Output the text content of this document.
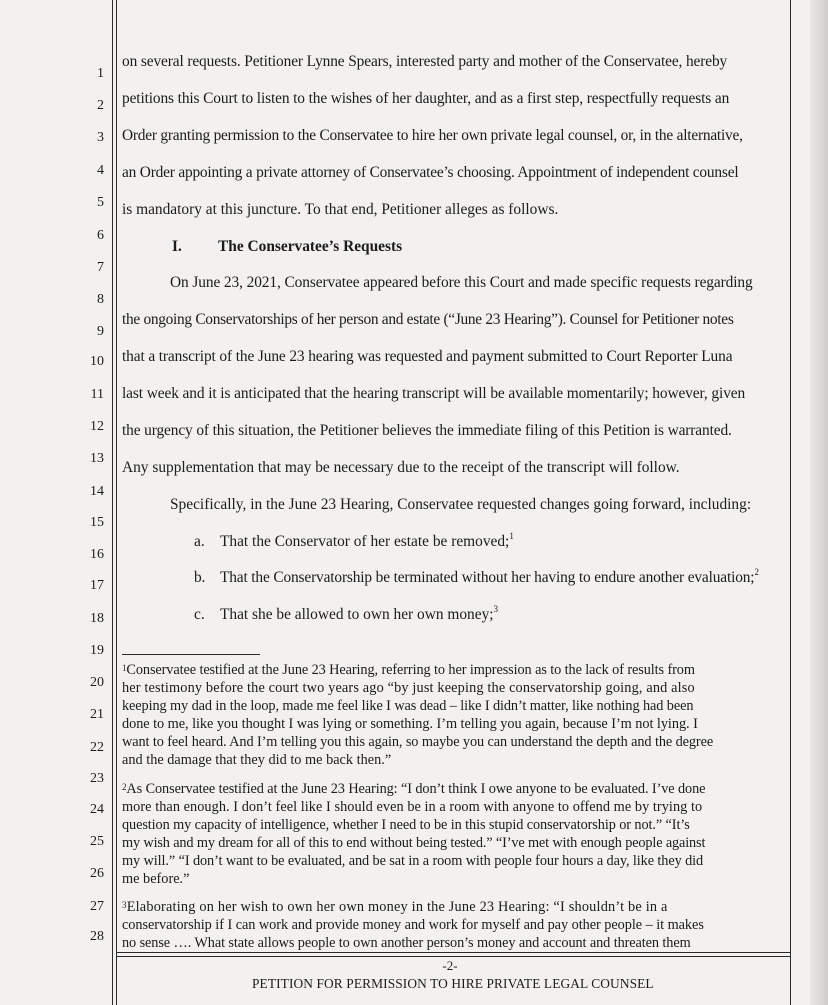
1
2
3
4
5
6
7
8
9
10
11
12
13
14
15
16
17
18
19
20
21
22
23
24
25
26
27
28
on several requests. Petitioner Lynne Spears, interested party and mother of the Conservatee, hereby
petitions this Court to listen to the wishes of her daughter, and as a first step, respectfully requests an
Order granting permission to the Conservatee to hire her own private legal counsel, or, in the alternative,
an Order appointing a private attorney of Conservatee’s choosing. Appointment of independent counsel
is mandatory at this juncture. To that end, Petitioner alleges as follows.
I. The Conservatee’s Requests
On June 23, 2021, Conservatee appeared before this Court and made specific requests regarding
the ongoing Conservatorships of her person and estate (“June 23 Hearing”). Counsel for Petitioner notes
that a transcript of the June 23 hearing was requested and payment submitted to Court Reporter Luna
last week and it is anticipated that the hearing transcript will be available momentarily; however, given
the urgency of this situation, the Petitioner believes the immediate filing of this Petition is warranted.
Any supplementation that may be necessary due to the receipt of the transcript will follow.
Specifically, in the June 23 Hearing, Conservatee requested changes going forward, including:
a. That the Conservator of her estate be removed;$^1$
b. That the Conservatorship be terminated without her having to endure another evaluation;$^2$
c. That she be allowed to own her own money;$^3$
$^1$Conservatee testified at the June 23 Hearing, referring to her impression as to the lack of results from
her testimony before the court two years ago “by just keeping the conservatorship going, and also
keeping my dad in the loop, made me feel like I was dead – like I didn’t matter, like nothing had been
done to me, like you thought I was lying or something. I’m telling you again, because I’m not lying. I
want to feel heard. And I’m telling you this again, so maybe you can understand the depth and the degree
and the damage that they did to me back then.”
$^2$As Conservatee testified at the June 23 Hearing: “I don’t think I owe anyone to be evaluated. I’ve done
more than enough. I don’t feel like I should even be in a room with anyone to offend me by trying to
question my capacity of intelligence, whether I need to be in this stupid conservatorship or not.” “It’s
my wish and my dream for all of this to end without being tested.” “I’ve met with enough people against
my will.” “I don’t want to be evaluated, and be sat in a room with people four hours a day, like they did
me before.”
$^3$Elaborating on her wish to own her own money in the June 23 Hearing: “I shouldn’t be in a
conservatorship if I can work and provide money and work for myself and pay other people – it makes
no sense …. What state allows people to own another person’s money and account and threaten them
-2-
PETITION FOR PERMISSION TO HIRE PRIVATE LEGAL COUNSEL
